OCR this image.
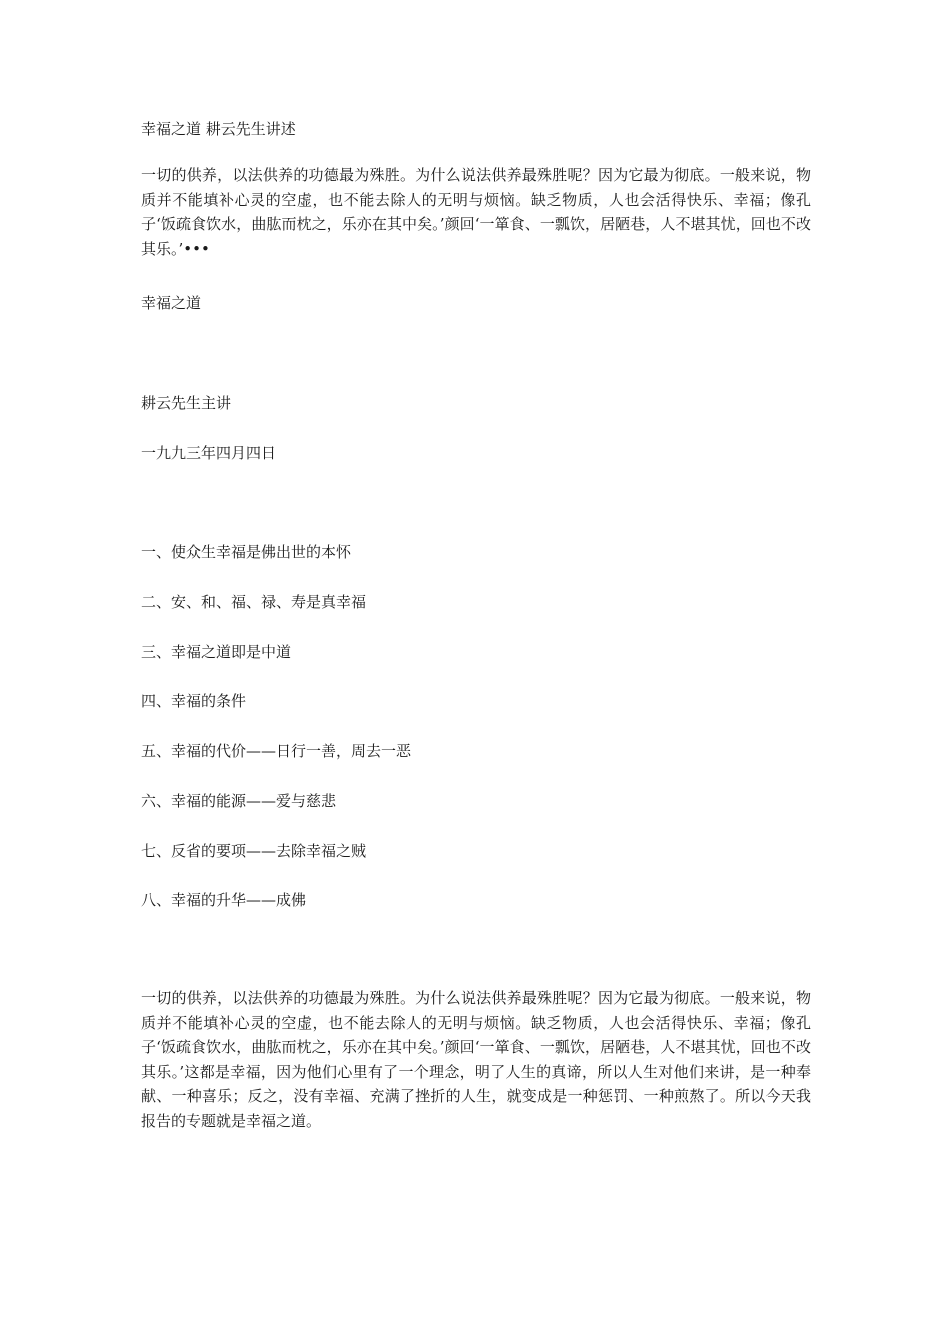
幸福之道 耕云先生讲述
一切的供养，以法供养的功德最为殊胜。为什么说法供养最殊胜呢？因为它最为彻底。一般来说，物质并不能填补心灵的空虚，也不能去除人的无明与烦恼。缺乏物质，人也会活得快乐、幸福；像孔子‘饭疏食饮水，曲肱而枕之，乐亦在其中矣。’颜回‘一箪食、一瓢饮，居陋巷，人不堪其忧，回也不改其乐。’•••
幸福之道
耕云先生主讲
一九九三年四月四日
一、使众生幸福是佛出世的本怀
二、安、和、福、禄、寿是真幸福
三、幸福之道即是中道
四、幸福的条件
五、幸福的代价——日行一善，周去一恶
六、幸福的能源——爱与慈悲
七、反省的要项——去除幸福之贼
八、幸福的升华——成佛
一切的供养，以法供养的功德最为殊胜。为什么说法供养最殊胜呢？因为它最为彻底。一般来说，物质并不能填补心灵的空虚，也不能去除人的无明与烦恼。缺乏物质，人也会活得快乐、幸福；像孔子‘饭疏食饮水，曲肱而枕之，乐亦在其中矣。’颜回‘一箪食、一瓢饮，居陋巷，人不堪其忧，回也不改其乐。’这都是幸福，因为他们心里有了一个理念，明了人生的真谛，所以人生对他们来讲，是一种奉献、一种喜乐；反之，没有幸福、充满了挫折的人生，就变成是一种惩罚、一种煎熬了。所以今天我报告的专题就是幸福之道。
